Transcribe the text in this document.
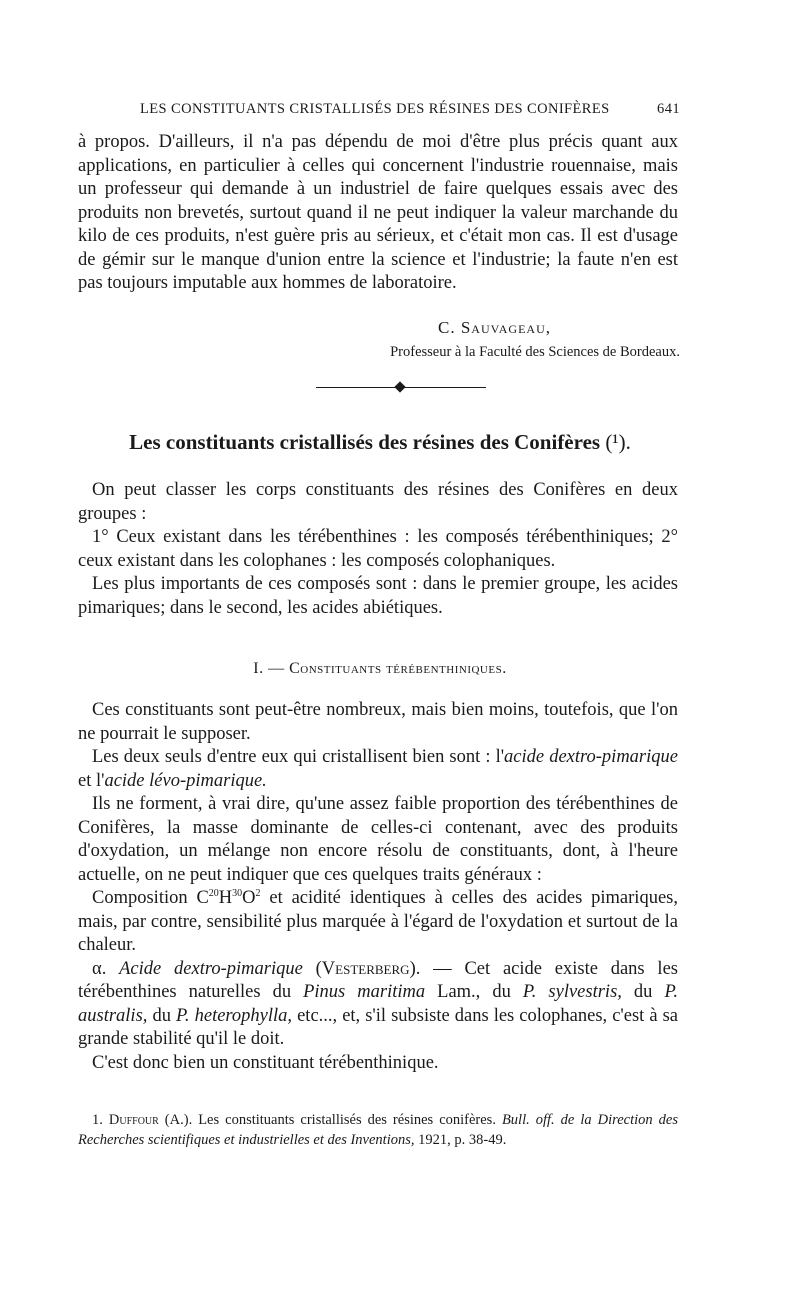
LES CONSTITUANTS CRISTALLISÉS DES RÉSINES DES CONIFÈRES	641

à propos. D'ailleurs, il n'a pas dépendu de moi d'être plus précis quant aux applications, en particulier à celles qui concernent l'industrie rouennaise, mais un professeur qui demande à un industriel de faire quelques essais avec des produits non brevetés, surtout quand il ne peut indiquer la valeur marchande du kilo de ces produits, n'est guère pris au sérieux, et c'était mon cas. Il est d'usage de gémir sur le manque d'union entre la science et l'industrie; la faute n'en est pas toujours imputable aux hommes de laboratoire.

C. Sauvageau,
Professeur à la Faculté des Sciences de Bordeaux.
Les constituants cristallisés des résines des Conifères (¹).

On peut classer les corps constituants des résines des Conifères en deux groupes :

1° Ceux existant dans les térébenthines : les composés térébenthiniques; 2° ceux existant dans les colophanes : les composés colophaniques.

Les plus importants de ces composés sont : dans le premier groupe, les acides pimariques; dans le second, les acides abiétiques.

I. — Constituants térébenthiniques.

Ces constituants sont peut-être nombreux, mais bien moins, toutefois, que l'on ne pourrait le supposer.

Les deux seuls d'entre eux qui cristallisent bien sont : l'acide dextro-pimarique et l'acide lévo-pimarique.

Ils ne forment, à vrai dire, qu'une assez faible proportion des térébenthines de Conifères, la masse dominante de celles-ci contenant, avec des produits d'oxydation, un mélange non encore résolu de constituants, dont, à l'heure actuelle, on ne peut indiquer que ces quelques traits généraux :

Composition $C^{20}H^{30}O^2$ et acidité identiques à celles des acides pimariques, mais, par contre, sensibilité plus marquée à l'égard de l'oxydation et surtout de la chaleur.

α. Acide dextro-pimarique (Vesterberg). — Cet acide existe dans les térébenthines naturelles du Pinus maritima Lam., du P. sylvestris, du P. australis, du P. heterophylla, etc..., et, s'il subsiste dans les colophanes, c'est à sa grande stabilité qu'il le doit.

C'est donc bien un constituant térébenthinique.

1. Duffour (A.). Les constituants cristallisés des résines conifères. Bull. off. de la Direction des Recherches scientifiques et industrielles et des Inventions, 1921, p. 38-49.
